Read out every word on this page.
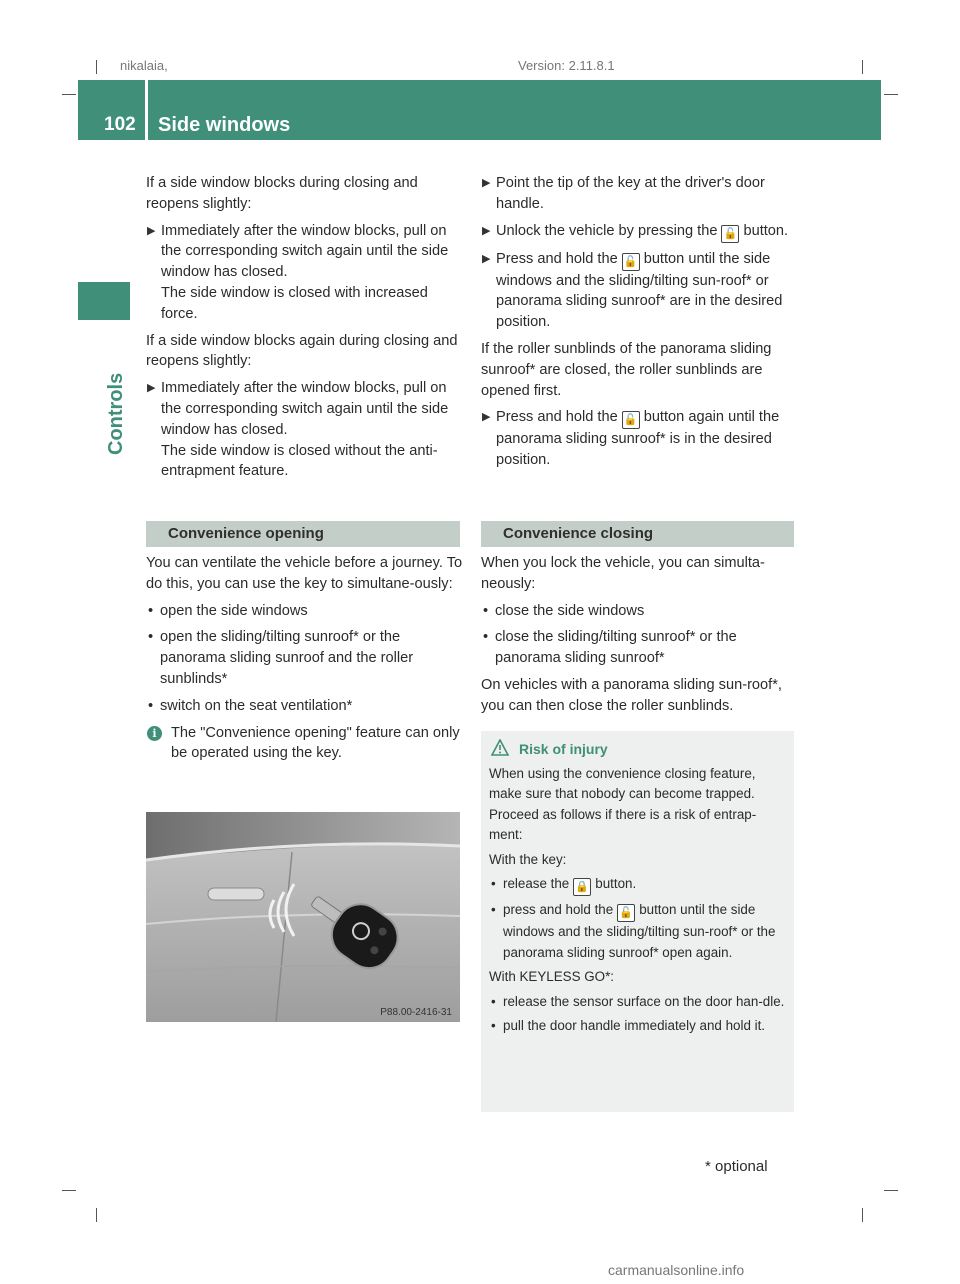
nikalaia,	Version: 2.11.8.1
102 Side windows
Controls

If a side window blocks during closing and reopens slightly:

▶ Immediately after the window blocks, pull on the corresponding switch again until the side window has closed.
The side window is closed with increased force.

If a side window blocks again during closing and reopens slightly:

▶ Immediately after the window blocks, pull on the corresponding switch again until the side window has closed.
The side window is closed without the anti-entrapment feature.
Convenience opening

You can ventilate the vehicle before a journey. To do this, you can use the key to simultane-ously:

• open the side windows
• open the sliding/tilting sunroof* or the panorama sliding sunroof and the roller sunblinds*
• switch on the seat ventilation*
i The "Convenience opening" feature can only be operated using the key.
P88.00-2416-31
▶ Point the tip of the key at the driver's door handle.
▶ Unlock the vehicle by pressing the 🔓 button.
▶ Press and hold the 🔓 button until the side windows and the sliding/tilting sun-roof* or panorama sliding sunroof* are in the desired position.

If the roller sunblinds of the panorama sliding sunroof* are closed, the roller sunblinds are opened first.

▶ Press and hold the 🔓 button again until the panorama sliding sunroof* is in the desired position.
Convenience closing

When you lock the vehicle, you can simulta-neously:

• close the side windows
• close the sliding/tilting sunroof* or the panorama sliding sunroof*

On vehicles with a panorama sliding sun-roof*, you can then close the roller sunblinds.

Risk of injury

When using the convenience closing feature, make sure that nobody can become trapped. Proceed as follows if there is a risk of entrap-ment:

With the key:

• release the 🔒 button.
• press and hold the 🔓 button until the side windows and the sliding/tilting sun-roof* or the panorama sliding sunroof* open again.

With KEYLESS GO*:

• release the sensor surface on the door han-dle.
• pull the door handle immediately and hold it.
* optional
carmanualsonline.info
